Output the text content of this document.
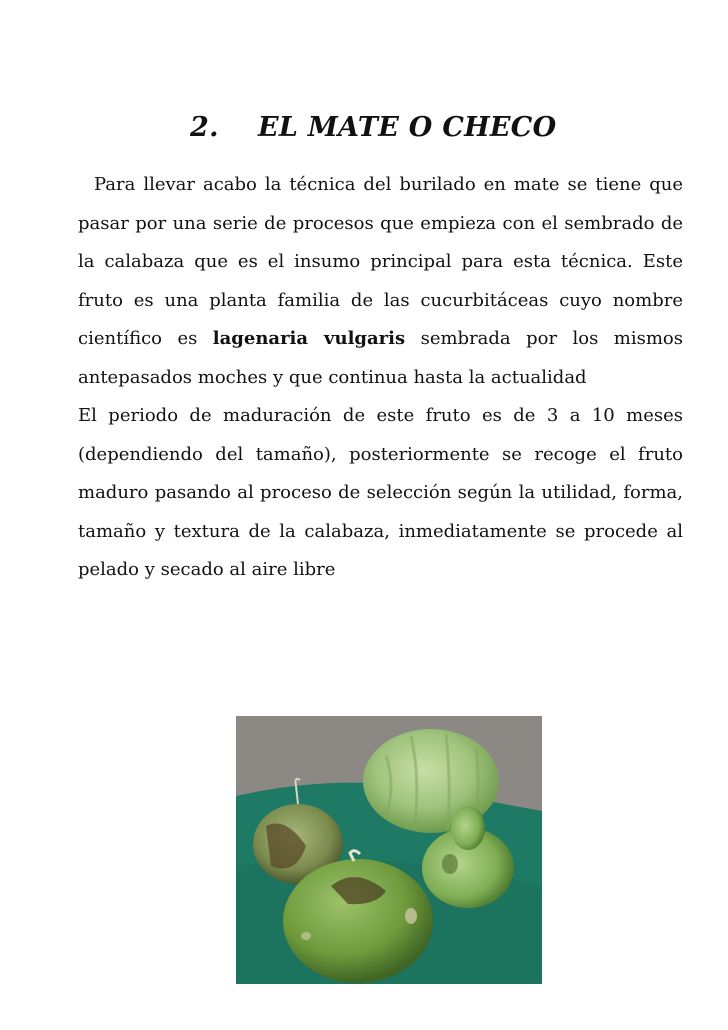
2. EL MATE O CHECO

Para llevar acabo la técnica del burilado en mate se tiene que pasar por una serie de procesos que empieza con el sembrado de la calabaza que es el insumo principal para esta técnica. Este fruto es una planta familia de las cucurbitáceas cuyo nombre científico es lagenaria vulgaris sembrada por los mismos antepasados moches y que continua hasta la actualidad

El periodo de maduración de este fruto es de 3 a 10 meses (dependiendo del tamaño), posteriormente se recoge el fruto maduro pasando al proceso de selección según la utilidad, forma, tamaño y textura de la calabaza, inmediatamente se procede al pelado y secado al aire libre
